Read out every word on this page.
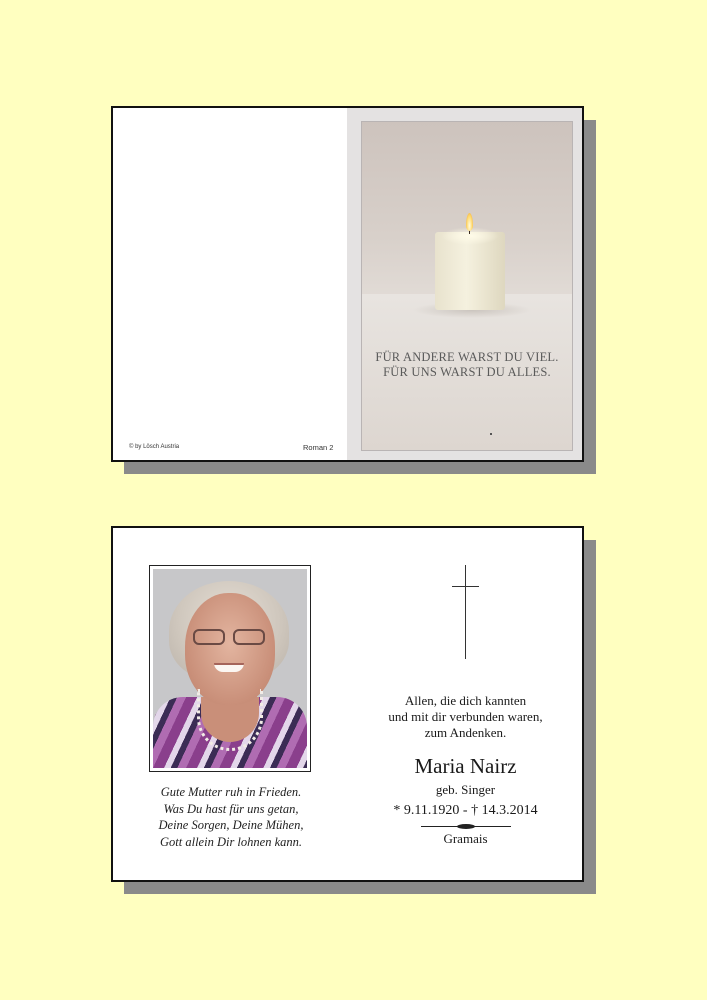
© by Lösch Austria	Roman 2
FÜR ANDERE WARST DU VIEL.
FÜR UNS WARST DU ALLES.
Gute Mutter ruh in Frieden.
Was Du hast für uns getan,
Deine Sorgen, Deine Mühen,
Gott allein Dir lohnen kann.
Allen, die dich kannten
und mit dir verbunden waren,
zum Andenken.
Maria Nairz
geb. Singer
* 9.11.1920 - † 14.3.2014
Gramais
